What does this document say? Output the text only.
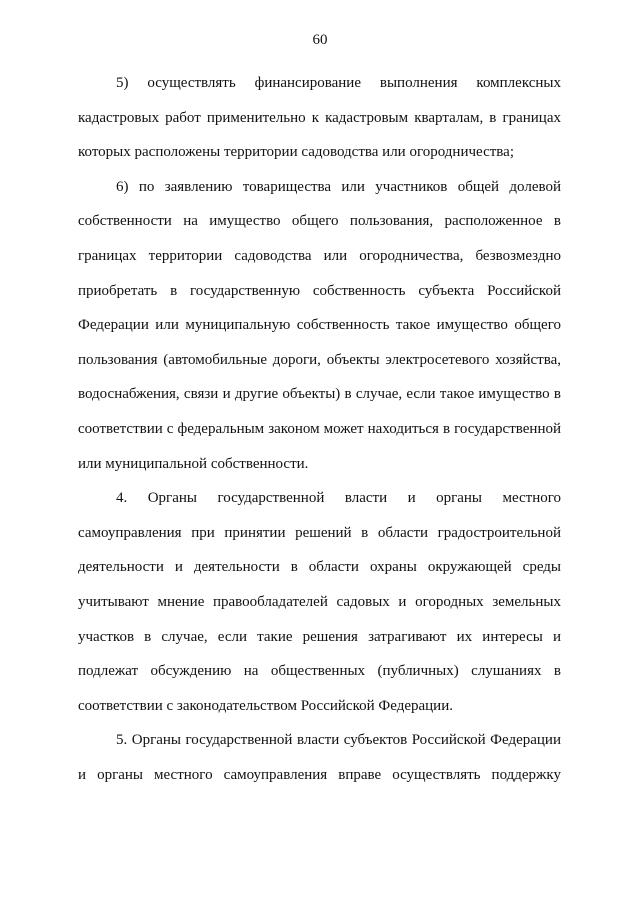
60

5) осуществлять финансирование выполнения комплексных кадастровых работ применительно к кадастровым кварталам, в границах которых расположены территории садоводства или огородничества;

6) по заявлению товарищества или участников общей долевой собственности на имущество общего пользования, расположенное в границах территории садоводства или огородничества, безвозмездно приобретать в государственную собственность субъекта Российской Федерации или муниципальную собственность такое имущество общего пользования (автомобильные дороги, объекты электросетевого хозяйства, водоснабжения, связи и другие объекты) в случае, если такое имущество в соответствии с федеральным законом может находиться в государственной или муниципальной собственности.

4. Органы государственной власти и органы местного самоуправления при принятии решений в области градостроительной деятельности и деятельности в области охраны окружающей среды учитывают мнение правообладателей садовых и огородных земельных участков в случае, если такие решения затрагивают их интересы и подлежат обсуждению на общественных (публичных) слушаниях в соответствии с законодательством Российской Федерации.

5. Органы государственной власти субъектов Российской Федерации и органы местного самоуправления вправе осуществлять поддержку
